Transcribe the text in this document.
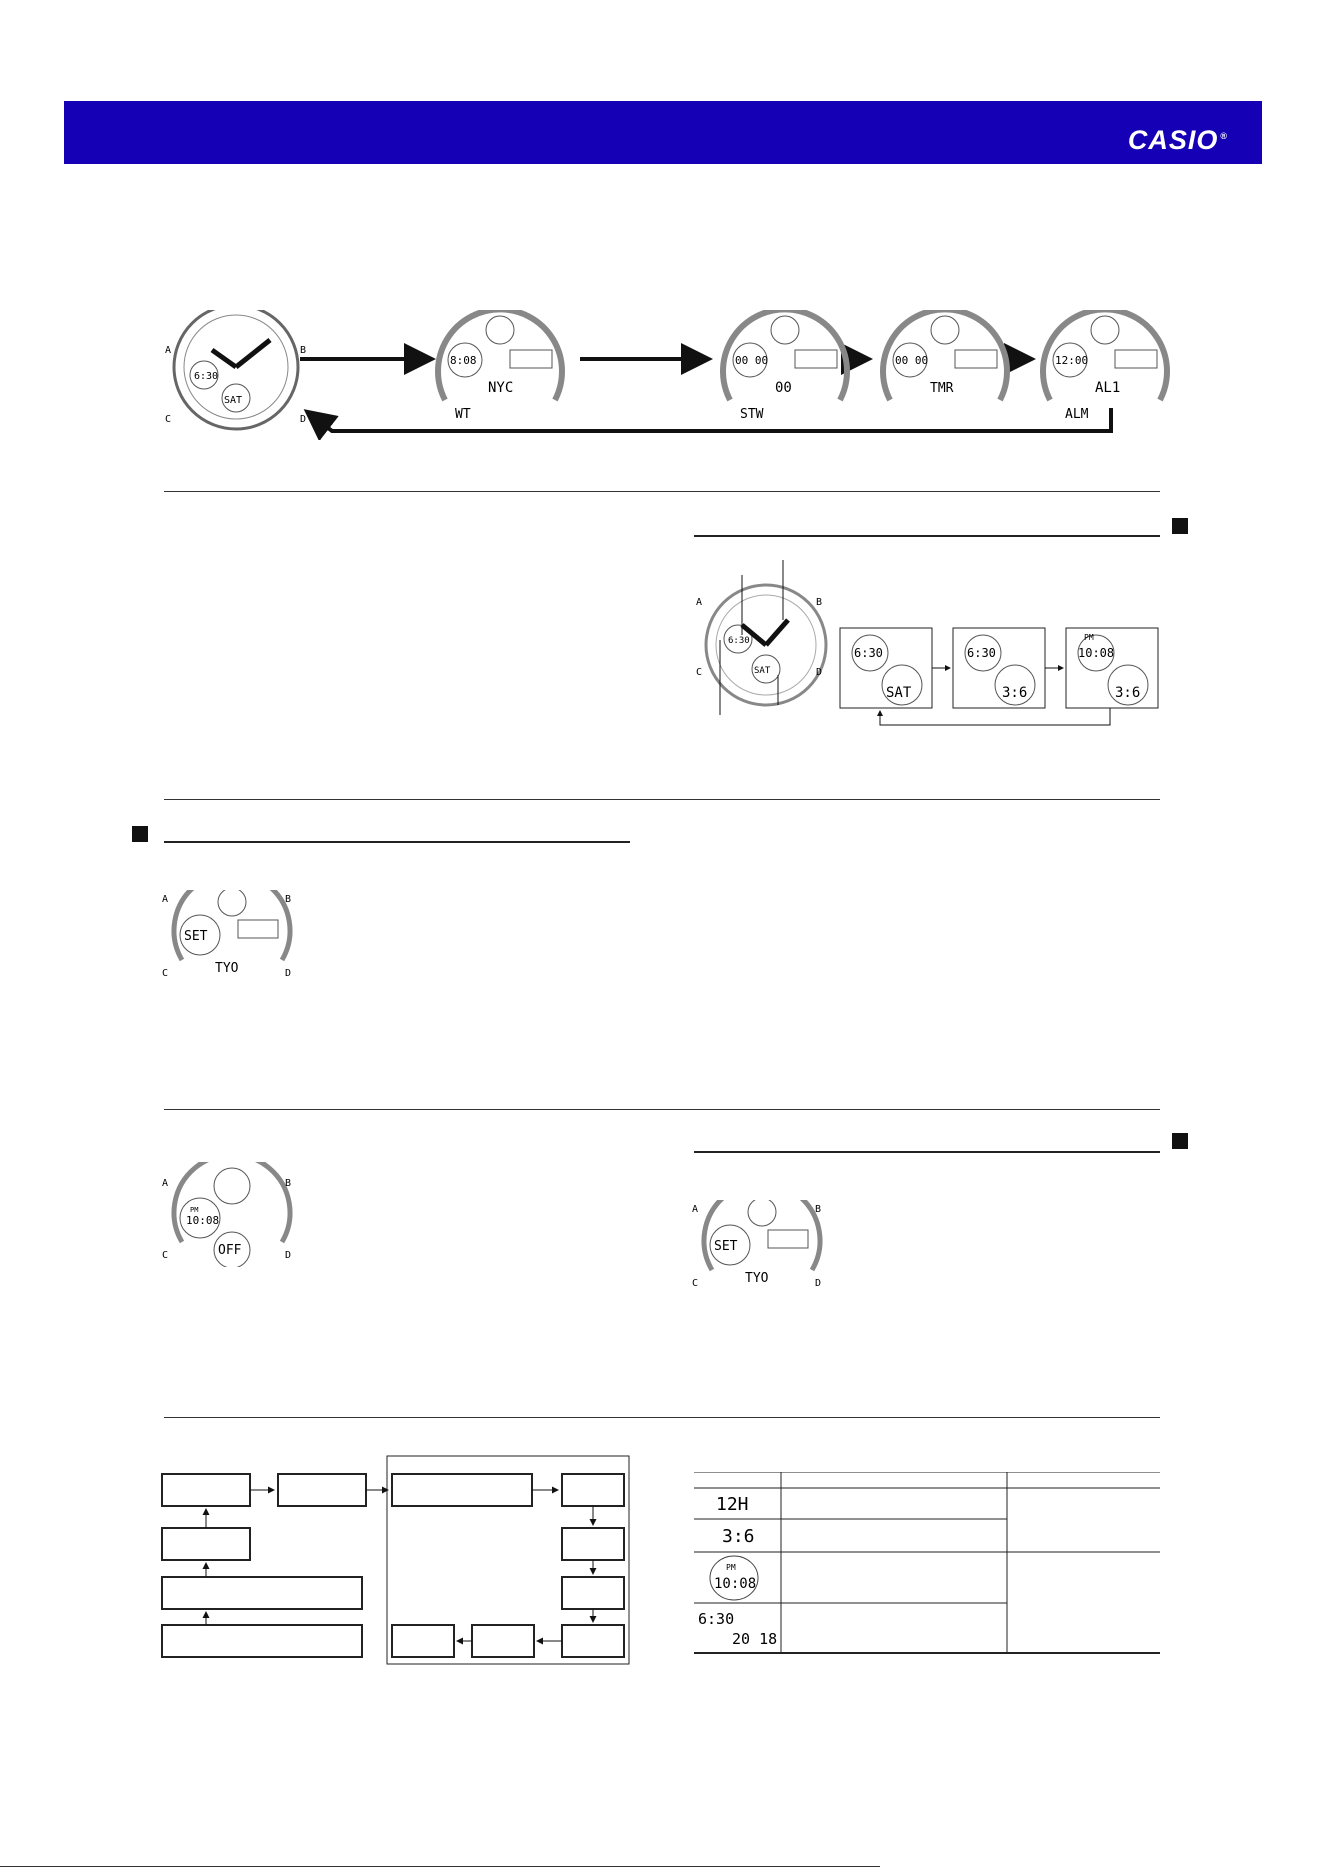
CASIO ®
6:30
SAT
A	B
C	D
8:08
NYC
WT
00 00
00
STW
00 00
TMR
12:00
AL1
ALM
A	B
C	D
6:30
SAT
6:30
SAT
6:30
3:6
PM
10:08
3:6
SET
TYO
A	B
C	D
PM
10:08
OFF
A	B
C	D
SET
TYO
A	B
C	D
12H
3:6
PM
10:08
6:30
20 18
